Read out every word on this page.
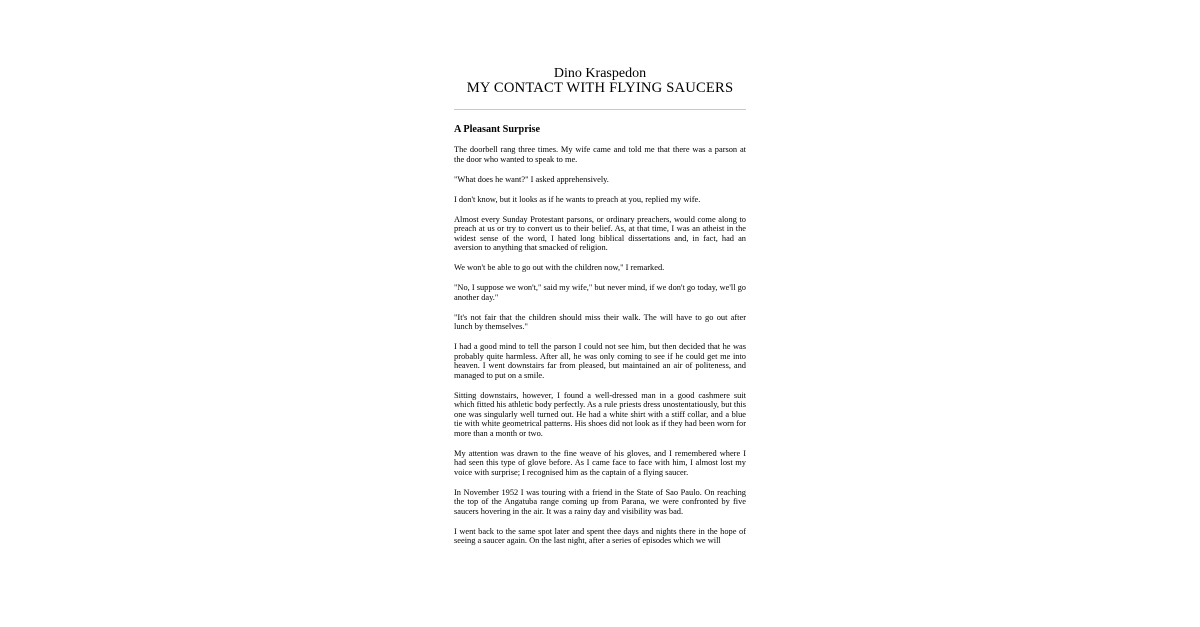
Dino Kraspedon
MY CONTACT WITH FLYING SAUCERS
A Pleasant Surprise

The doorbell rang three times. My wife came and told me that there was a parson at the door who wanted to speak to me.

"What does he want?" I asked apprehensively.

I don't know, but it looks as if he wants to preach at you, replied my wife.

Almost every Sunday Protestant parsons, or ordinary preachers, would come along to preach at us or try to convert us to their belief. As, at that time, I was an atheist in the widest sense of the word, I hated long biblical dissertations and, in fact, had an aversion to anything that smacked of religion.

We won't be able to go out with the children now," I remarked.

"No, I suppose we won't," said my wife," but never mind, if we don't go today, we'll go another day."

"It's not fair that the children should miss their walk. The will have to go out after lunch by themselves."

I had a good mind to tell the parson I could not see him, but then decided that he was probably quite harmless. After all, he was only coming to see if he could get me into heaven. I went downstairs far from pleased, but maintained an air of politeness, and managed to put on a smile.

Sitting downstairs, however, I found a well-dressed man in a good cashmere suit which fitted his athletic body perfectly. As a rule priests dress unostentatiously, but this one was singularly well turned out. He had a white shirt with a stiff collar, and a blue tie with white geometrical patterns. His shoes did not look as if they had been worn for more than a month or two.

My attention was drawn to the fine weave of his gloves, and I remembered where I had seen this type of glove before. As I came face to face with him, I almost lost my voice with surprise; I recognised him as the captain of a flying saucer.

In November 1952 I was touring with a friend in the State of Sao Paulo. On reaching the top of the Angatuba range coming up from Parana, we were confronted by five saucers hovering in the air. It was a rainy day and visibility was bad.

I went back to the same spot later and spent thee days and nights there in the hope of seeing a saucer again. On the last night, after a series of episodes which we will
